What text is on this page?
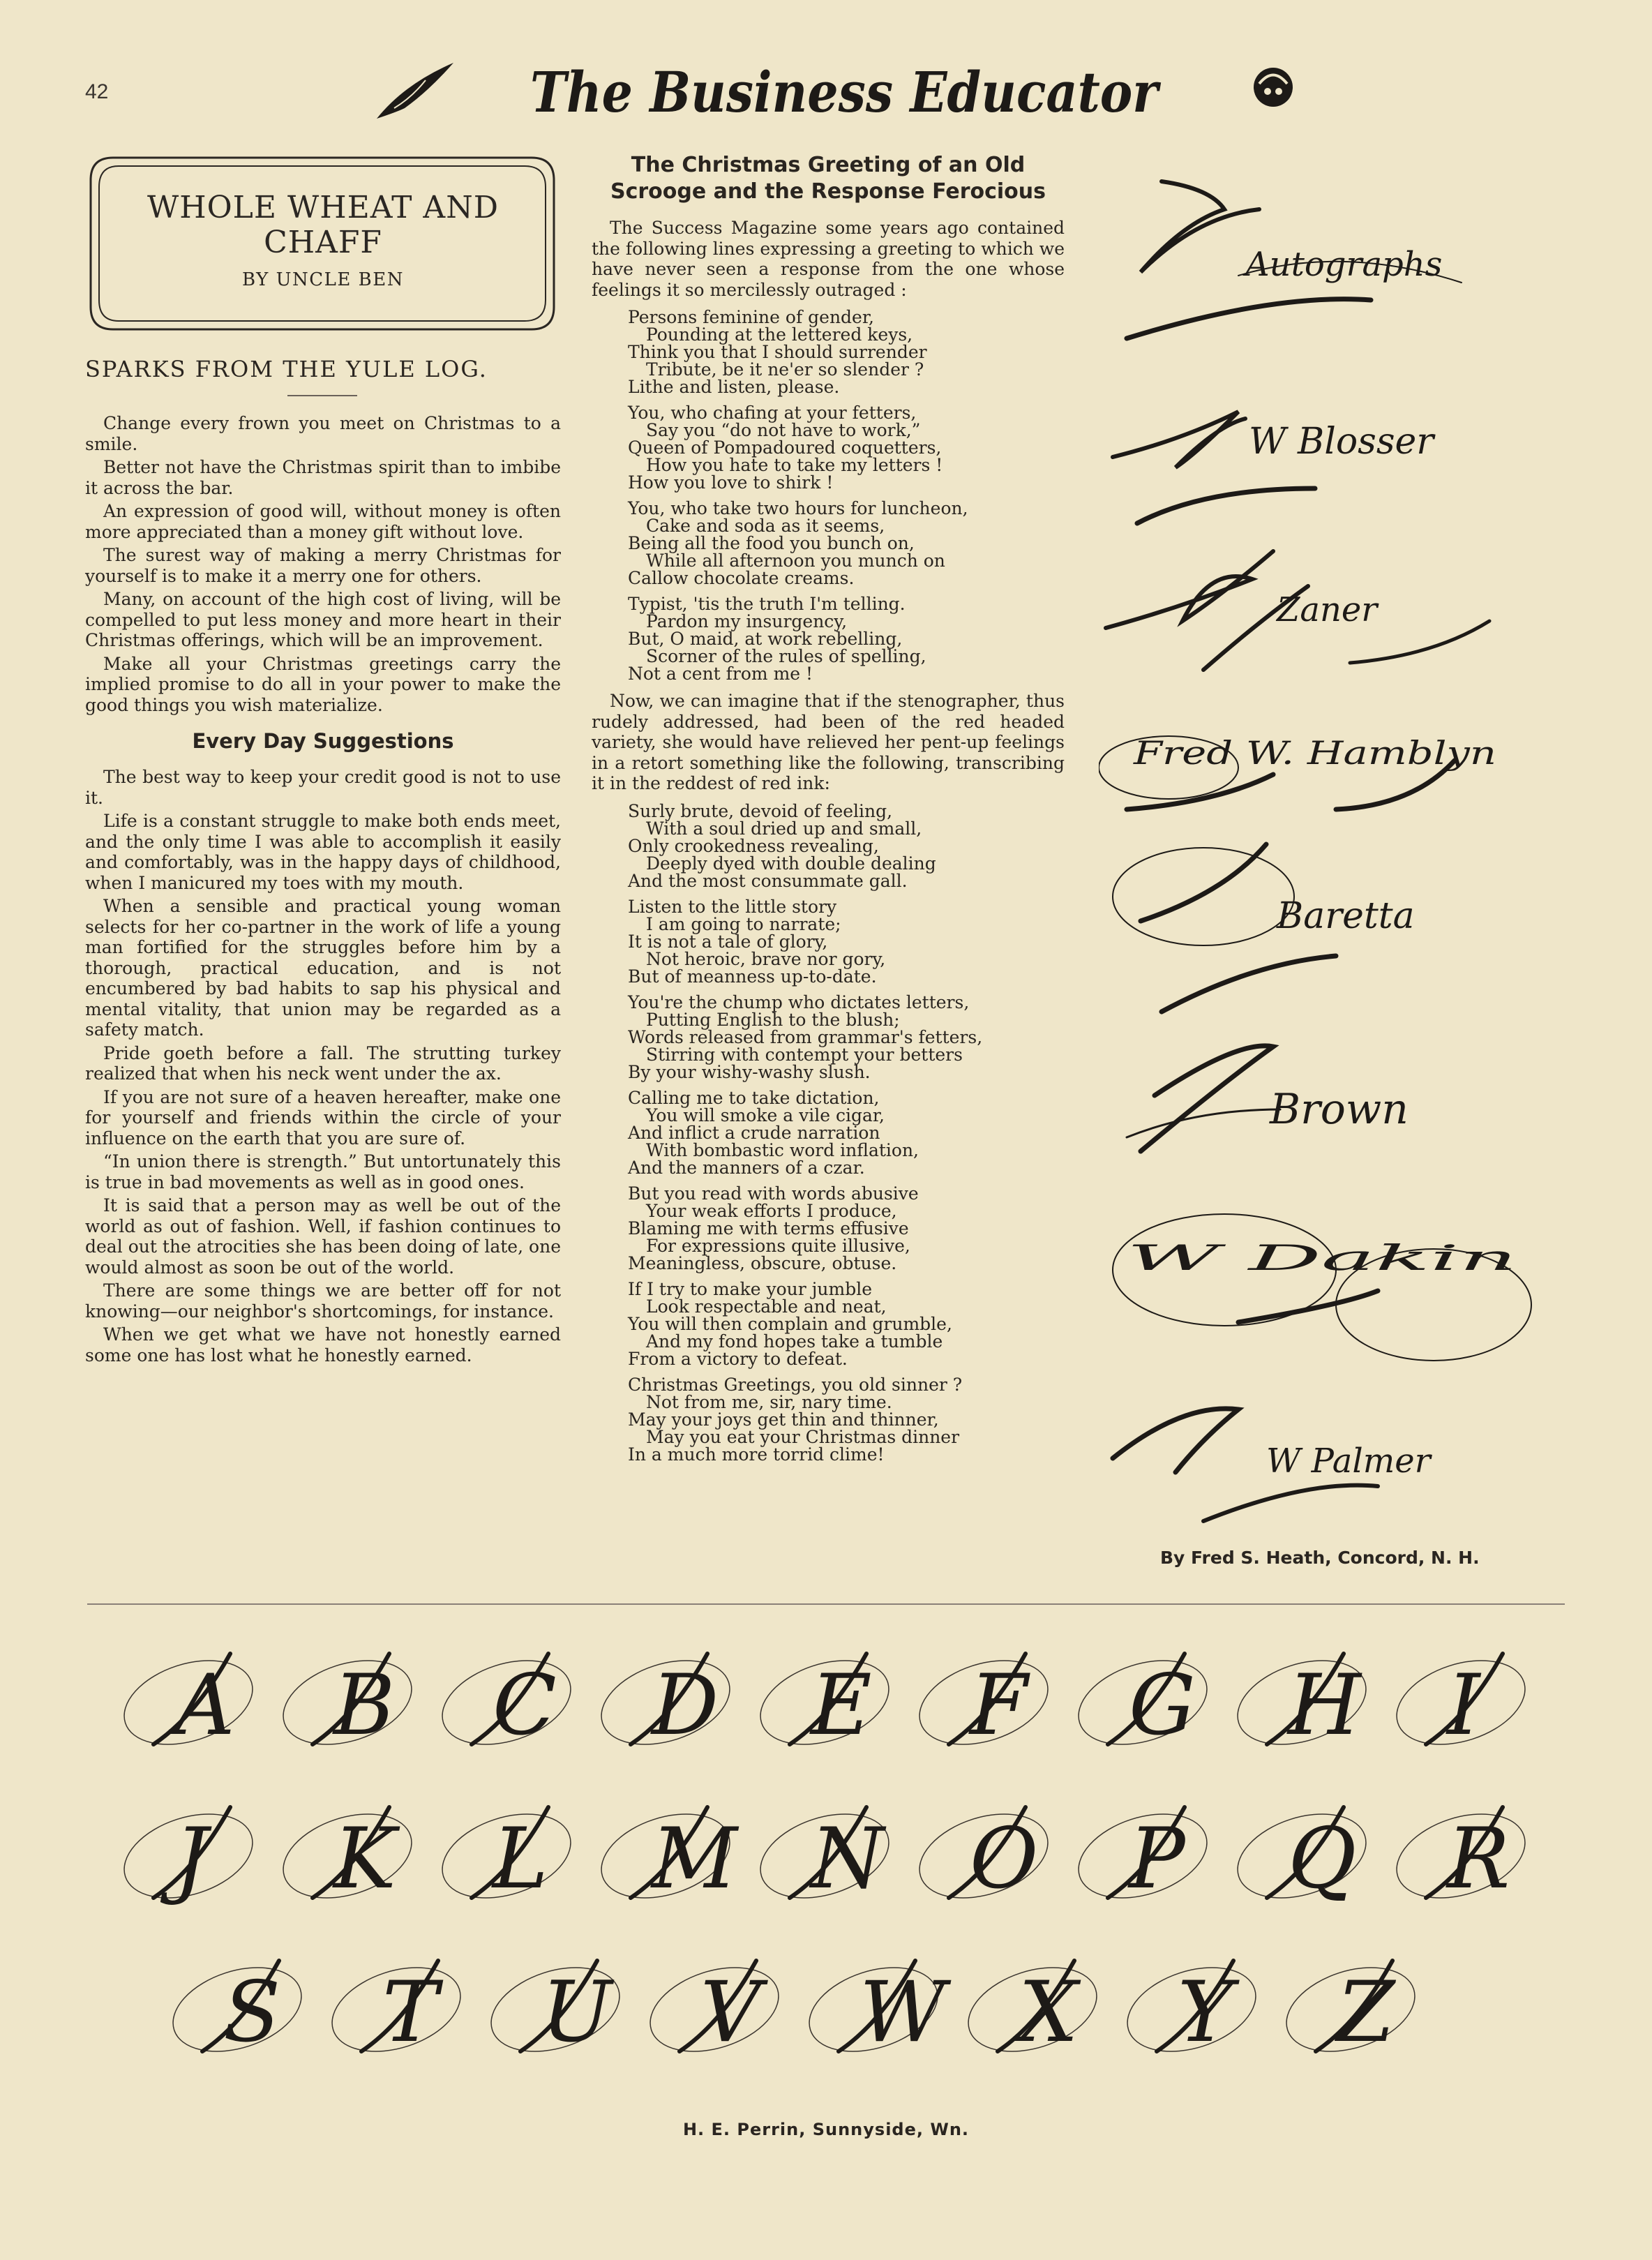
42	The Business Educator
WHOLE WHEAT AND CHAFF
BY UNCLE BEN
SPARKS FROM THE YULE LOG.

Change every frown you meet on Christmas to a smile.

Better not have the Christmas spirit than to imbibe it across the bar.

An expression of good will, without money is often more appreciated than a money gift without love.

The surest way of making a merry Christmas for yourself is to make it a merry one for others.

Many, on account of the high cost of living, will be compelled to put less money and more heart in their Christmas offerings, which will be an improvement.

Make all your Christmas greetings carry the implied promise to do all in your power to make the good things you wish materialize.

Every Day Suggestions

The best way to keep your credit good is not to use it.

Life is a constant struggle to make both ends meet, and the only time I was able to accomplish it easily and comfortably, was in the happy days of childhood, when I manicured my toes with my mouth.

When a sensible and practical young woman selects for her co-partner in the work of life a young man fortified for the struggles before him by a thorough, practical education, and is not encumbered by bad habits to sap his physical and mental vitality, that union may be regarded as a safety match.

Pride goeth before a fall. The strutting turkey realized that when his neck went under the ax.

If you are not sure of a heaven hereafter, make one for yourself and friends within the circle of your influence on the earth that you are sure of.

“In union there is strength.” But untortunately this is true in bad movements as well as in good ones.

It is said that a person may as well be out of the world as out of fashion. Well, if fashion continues to deal out the atrocities she has been doing of late, one would almost as soon be out of the world.

There are some things we are better off for not knowing—our neighbor's shortcomings, for instance.

When we get what we have not honestly earned some one has lost what he honestly earned.

The Christmas Greeting of an Old Scrooge and the Response Ferocious

The Success Magazine some years ago contained the following lines expressing a greeting to which we have never seen a response from the one whose feelings it so mercilessly outraged :

Persons feminine of gender,
Pounding at the lettered keys,
Think you that I should surrender
Tribute, be it ne'er so slender ?
Lithe and listen, please.
You, who chafing at your fetters,
Say you “do not have to work,”
Queen of Pompadoured coquetters,
How you hate to take my letters !
How you love to shirk !
You, who take two hours for luncheon,
Cake and soda as it seems,
Being all the food you bunch on,
While all afternoon you munch on
Callow chocolate creams.
Typist, 'tis the truth I'm telling.
Pardon my insurgency,
But, O maid, at work rebelling,
Scorner of the rules of spelling,
Not a cent from me !

Now, we can imagine that if the stenographer, thus rudely addressed, had been of the red headed variety, she would have relieved her pent-up feelings in a retort something like the following, transcribing it in the reddest of red ink:

Surly brute, devoid of feeling,
With a soul dried up and small,
Only crookedness revealing,
Deeply dyed with double dealing
And the most consummate gall.
Listen to the little story
I am going to narrate;
It is not a tale of glory,
Not heroic, brave nor gory,
But of meanness up-to-date.
You're the chump who dictates letters,
Putting English to the blush;
Words released from grammar's fetters,
Stirring with contempt your betters
By your wishy-washy slush.
Calling me to take dictation,
You will smoke a vile cigar,
And inflict a crude narration
With bombastic word inflation,
And the manners of a czar.
But you read with words abusive
Your weak efforts I produce,
Blaming me with terms effusive
For expressions quite illusive,
Meaningless, obscure, obtuse.
If I try to make your jumble
Look respectable and neat,
You will then complain and grumble,
And my fond hopes take a tumble
From a victory to defeat.
Christmas Greetings, you old sinner ?
Not from me, sir, nary time.
May your joys get thin and thinner,
May you eat your Christmas dinner
In a much more torrid clime!
Autographs
W Blosser
Zaner
Fred W. Hamblyn
Baretta
Brown
W Dakin
W Palmer
By Fred S. Heath, Concord, N. H.
A B C D E F G H I
J K L M N O P Q R
S T U V W X Y Z
H. E. Perrin, Sunnyside, Wn.
